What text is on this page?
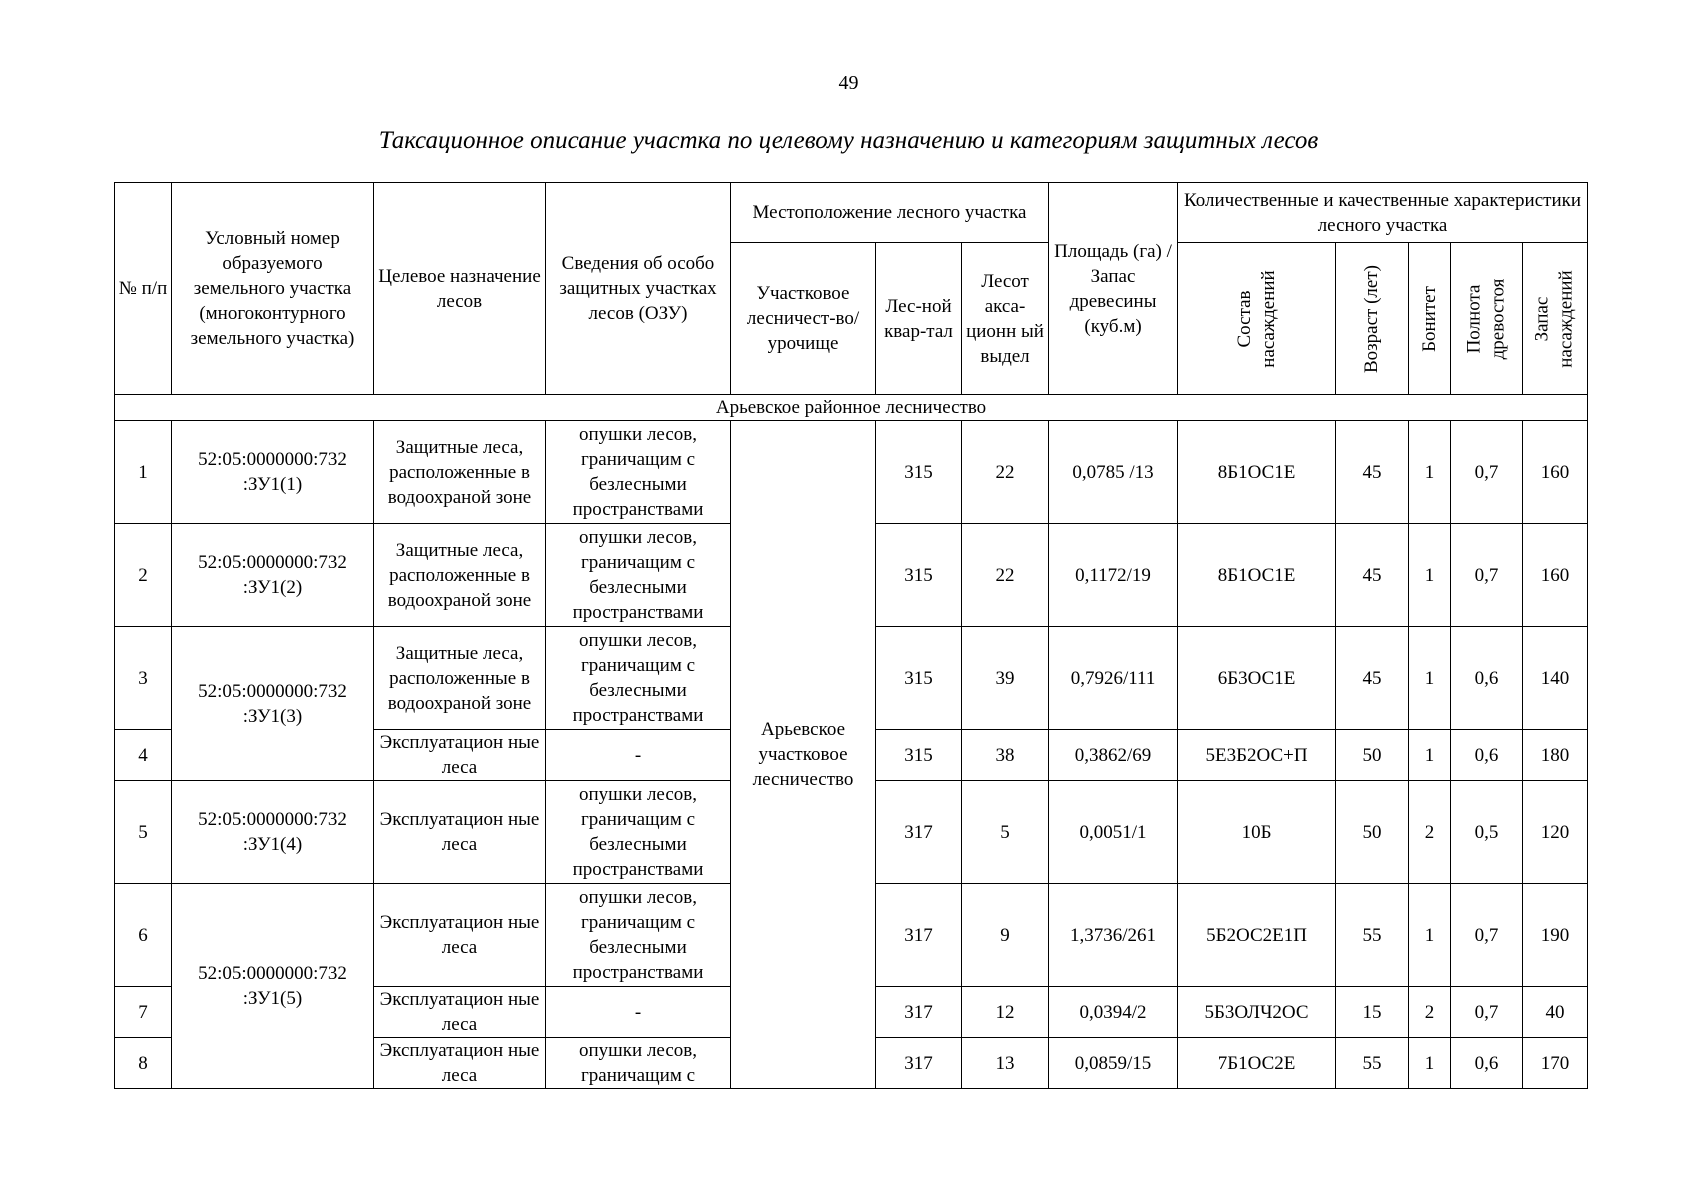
49
Таксационное описание участка по целевому назначению и категориям защитных лесов
№ п/п	Условный номер образуемого земельного участка (многоконтурного земельного участка)	Целевое назначение лесов	Сведения об особо защитных участках лесов (ОЗУ)	Местоположение лесного участка			Площадь (га) / Запас древесины (куб.м)	Количественные и качественные характеристики лесного участка				
				Участковое лесничест-во/урочище	Лес-ной квар-тал	Лесот акса-ционн ый выдел		Состав насаждений	Возраст (лет)	Бонитет	Полнота древостоя	Запас насаждений

Арьевское районное лесничество												
1	52:05:0000000:732 :ЗУ1(1)	Защитные леса, расположенные в водоохраной зоне	опушки лесов, граничащим с безлесными пространствами	Арьевское участковое лесничество	315	22	0,0785 /13	8Б1ОС1Е	45	1	0,7	160
2	52:05:0000000:732 :ЗУ1(2)	Защитные леса, расположенные в водоохраной зоне	опушки лесов, граничащим с безлесными пространствами		315	22	0,1172/19	8Б1ОС1Е	45	1	0,7	160
3	52:05:0000000:732 :ЗУ1(3)	Защитные леса, расположенные в водоохраной зоне	опушки лесов, граничащим с безлесными пространствами		315	39	0,7926/111	6Б3ОС1Е	45	1	0,6	140
4		Эксплуатацион ные леса	-		315	38	0,3862/69	5Е3Б2ОС+П	50	1	0,6	180
5	52:05:0000000:732 :ЗУ1(4)	Эксплуатацион ные леса	опушки лесов, граничащим с безлесными пространствами		317	5	0,0051/1	10Б	50	2	0,5	120
6	52:05:0000000:732 :ЗУ1(5)	Эксплуатацион ные леса	опушки лесов, граничащим с безлесными пространствами		317	9	1,3736/261	5Б2ОС2Е1П	55	1	0,7	190
7		Эксплуатацион ные леса	-		317	12	0,0394/2	5Б3ОЛЧ2ОС	15	2	0,7	40
8		Эксплуатацион ные леса	опушки лесов, граничащим с		317	13	0,0859/15	7Б1ОС2Е	55	1	0,6	170
